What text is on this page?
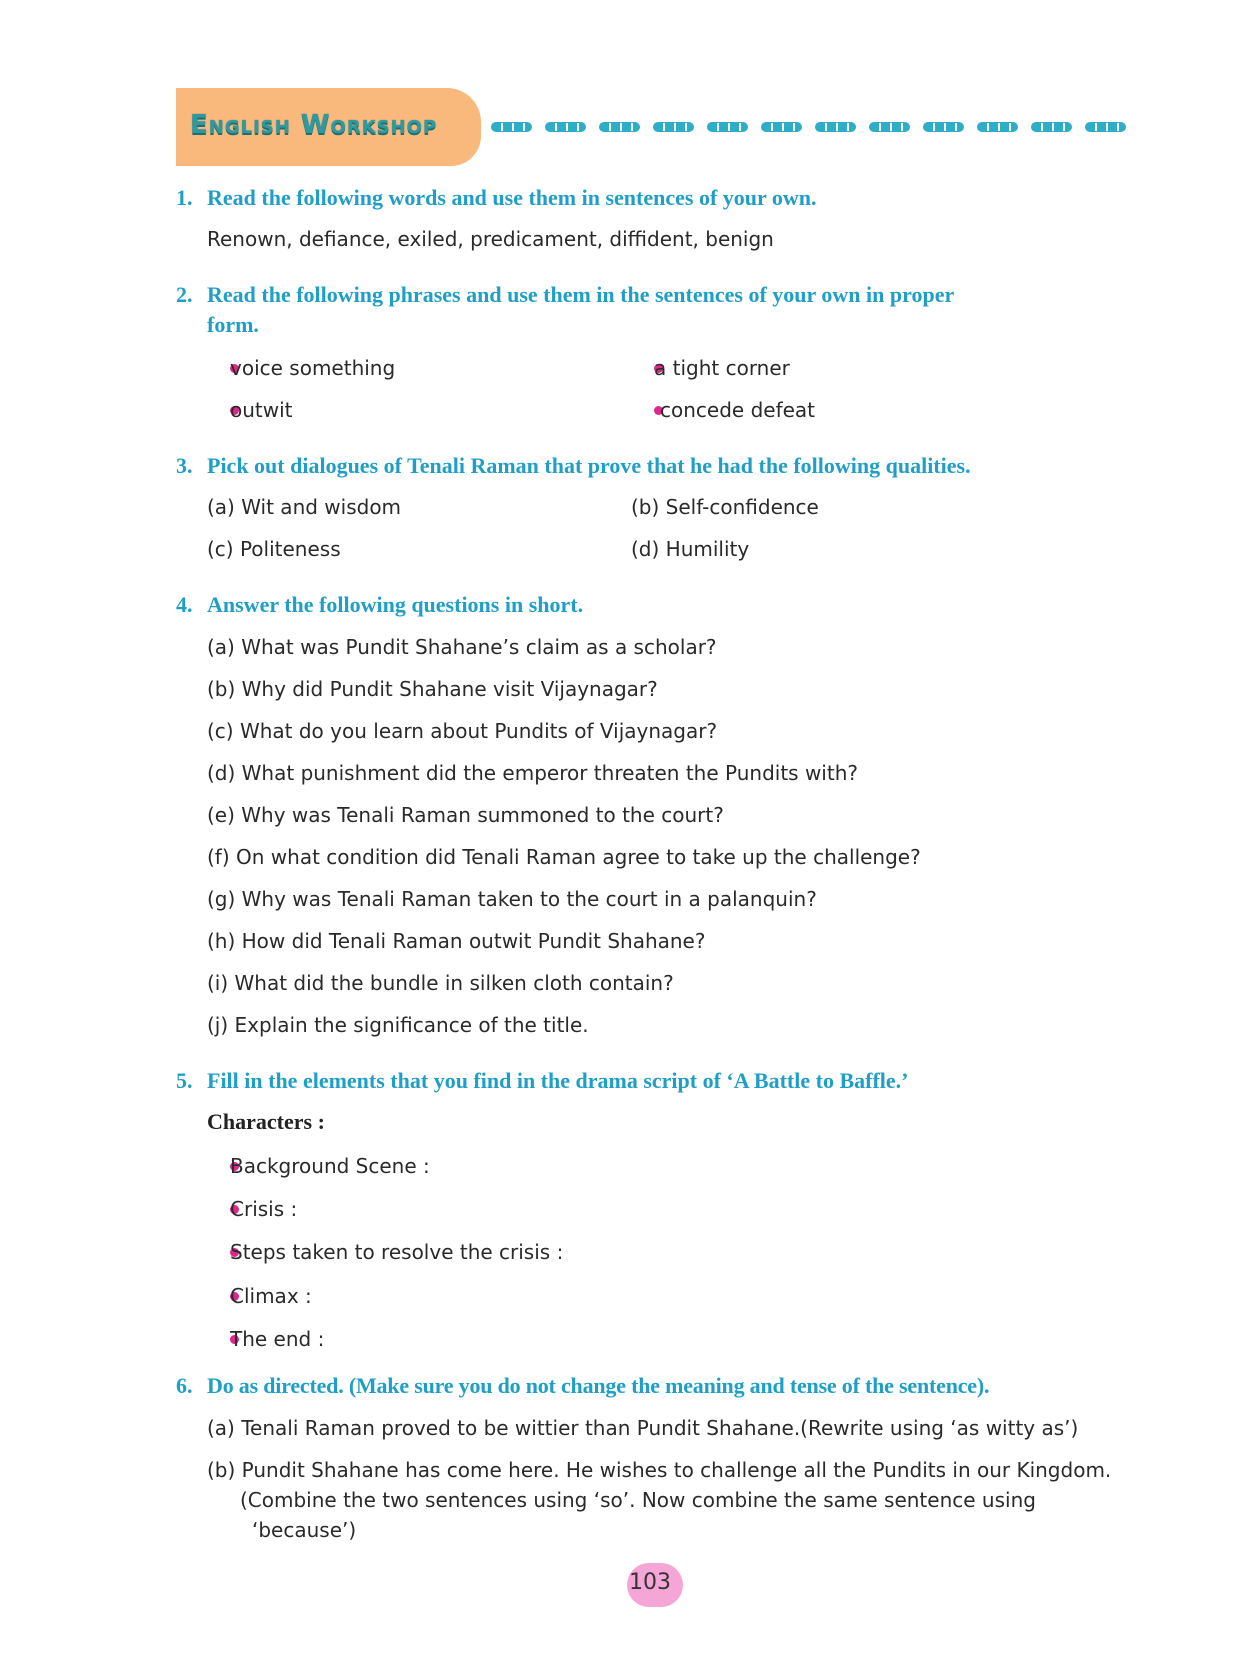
English Workshop
1. Read the following words and use them in sentences of your own.
Renown, defiance, exiled, predicament, diffident, benign
2. Read the following phrases and use them in the sentences of your own in proper
form.
voice something	a tight corner
outwit	concede defeat
3. Pick out dialogues of Tenali Raman that prove that he had the following qualities.
(a) Wit and wisdom	(b) Self-confidence
(c) Politeness	(d) Humility
4. Answer the following questions in short.
(a) What was Pundit Shahane’s claim as a scholar?
(b) Why did Pundit Shahane visit Vijaynagar?
(c) What do you learn about Pundits of Vijaynagar?
(d) What punishment did the emperor threaten the Pundits with?
(e) Why was Tenali Raman summoned to the court?
(f) On what condition did Tenali Raman agree to take up the challenge?
(g) Why was Tenali Raman taken to the court in a palanquin?
(h) How did Tenali Raman outwit Pundit Shahane?
(i) What did the bundle in silken cloth contain?
(j) Explain the significance of the title.
5. Fill in the elements that you find in the drama script of ‘A Battle to Baffle.’
Characters :
Background Scene :
Crisis :
Steps taken to resolve the crisis :
Climax :
The end :
6. Do as directed. (Make sure you do not change the meaning and tense of the sentence).
(a) Tenali Raman proved to be wittier than Pundit Shahane.(Rewrite using ‘as witty as’)
(b) Pundit Shahane has come here. He wishes to challenge all the Pundits in our Kingdom.
(Combine the two sentences using ‘so’. Now combine the same sentence using
‘because’)
103
